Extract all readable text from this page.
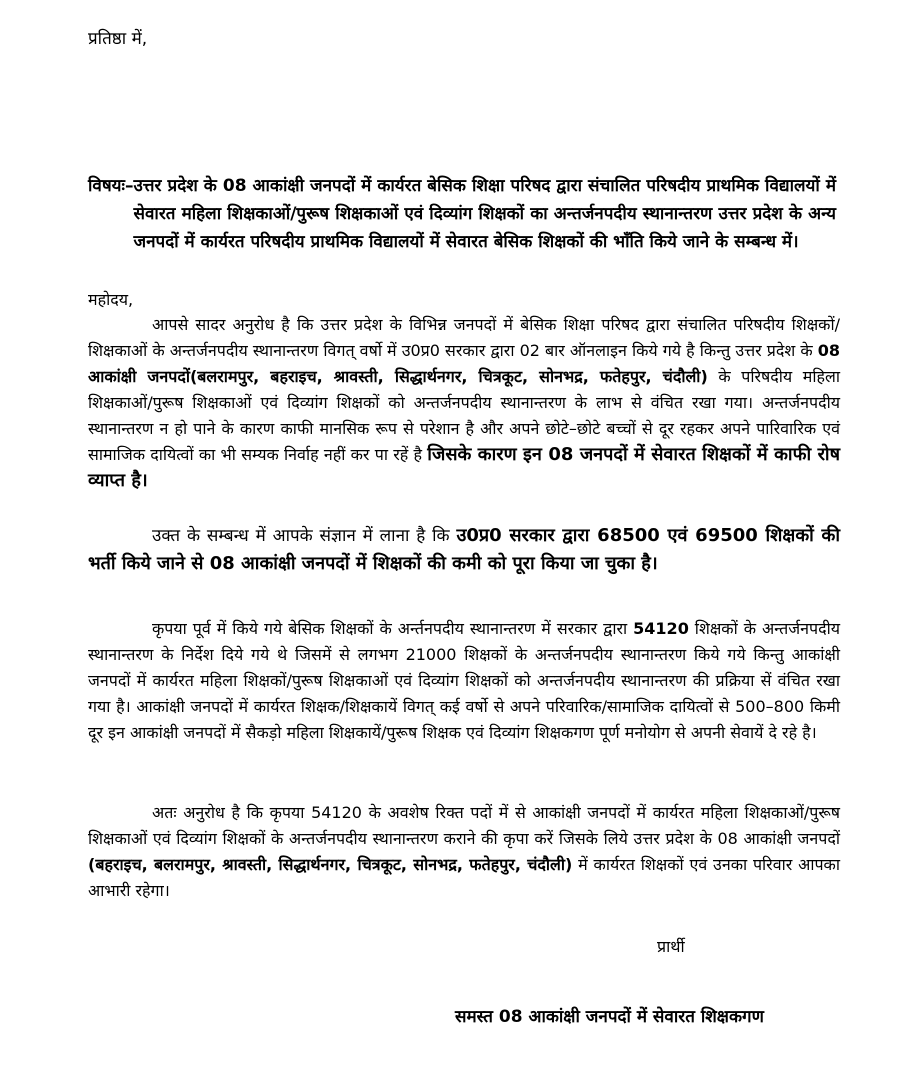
प्रतिष्ठा में,

विषयः– उत्तर प्रदेश के 08 आकांक्षी जनपदों में कार्यरत बेसिक शिक्षा परिषद द्वारा संचालित परिषदीय प्राथमिक विद्यालयों में सेवारत महिला शिक्षकाओं/पुरूष शिक्षकाओं एवं दिव्यांग शिक्षकों का अन्तर्जनपदीय स्थानान्तरण उत्तर प्रदेश के अन्य जनपदों में कार्यरत परिषदीय प्राथमिक विद्यालयों में सेवारत बेसिक शिक्षकों की भाँति किये जाने के सम्बन्ध में।

महोदय,

आपसे सादर अनुरोध है कि उत्तर प्रदेश के विभिन्न जनपदों में बेसिक शिक्षा परिषद द्वारा संचालित परिषदीय शिक्षकों/शिक्षकाओं के अन्तर्जनपदीय स्थानान्तरण विगत् वर्षो में उ0प्र0 सरकार द्वारा 02 बार ऑनलाइन किये गये है किन्तु उत्तर प्रदेश के 08 आकांक्षी जनपदों(बलरामपुर, बहराइच, श्रावस्ती, सिद्धार्थनगर, चित्रकूट, सोनभद्र, फतेहपुर, चंदौली) के परिषदीय महिला शिक्षकाओं/पुरूष शिक्षकाओं एवं दिव्यांग शिक्षकों को अन्तर्जनपदीय स्थानान्तरण के लाभ से वंचित रखा गया। अन्तर्जनपदीय स्थानान्तरण न हो पाने के कारण काफी मानसिक रूप से परेशान है और अपने छोटे–छोटे बच्चों से दूर रहकर अपने पारिवारिक एवं सामाजिक दायित्वों का भी सम्यक निर्वाह नहीं कर पा रहें है जिसके कारण इन 08 जनपदों में सेवारत शिक्षकों में काफी रोष व्याप्त है।

उक्त के सम्बन्ध में आपके संज्ञान में लाना है कि उ0प्र0 सरकार द्वारा 68500 एवं 69500 शिक्षकों की भर्ती किये जाने से 08 आकांक्षी जनपदों में शिक्षकों की कमी को पूरा किया जा चुका है।

कृपया पूर्व में किये गये बेसिक शिक्षकों के अर्न्तनपदीय स्थानान्तरण में सरकार द्वारा 54120 शिक्षकों के अन्तर्जनपदीय स्थानान्तरण के निर्देश दिये गये थे जिसमें से लगभग 21000 शिक्षकों के अन्तर्जनपदीय स्थानान्तरण किये गये किन्तु आकांक्षी जनपदों में कार्यरत महिला शिक्षकों/पुरूष शिक्षकाओं एवं दिव्यांग शिक्षकों को अन्तर्जनपदीय स्थानान्तरण की प्रक्रिया सें वंचित रखा गया है। आकांक्षी जनपदों में कार्यरत शिक्षक/शिक्षकायें विगत् कई वर्षो से अपने परिवारिक/सामाजिक दायित्वों से 500–800 किमी दूर इन आकांक्षी जनपदों में सैकड़ो महिला शिक्षकायें/पुरूष शिक्षक एवं दिव्यांग शिक्षकगण पूर्ण मनोयोग से अपनी सेवायें दे रहे है।

अतः अनुरोध है कि कृपया 54120 के अवशेष रिक्त पदों में से आकांक्षी जनपदों में कार्यरत महिला शिक्षकाओं/पुरूष शिक्षकाओं एवं दिव्यांग शिक्षकों के अन्तर्जनपदीय स्थानान्तरण कराने की कृपा करें जिसके लिये उत्तर प्रदेश के 08 आकांक्षी जनपदों (बहराइच, बलरामपुर, श्रावस्ती, सिद्धार्थनगर, चित्रकूट, सोनभद्र, फतेहपुर, चंदौली) में कार्यरत शिक्षकों एवं उनका परिवार आपका आभारी रहेगा।

प्रार्थी

समस्त 08 आकांक्षी जनपदों में सेवारत शिक्षकगण
